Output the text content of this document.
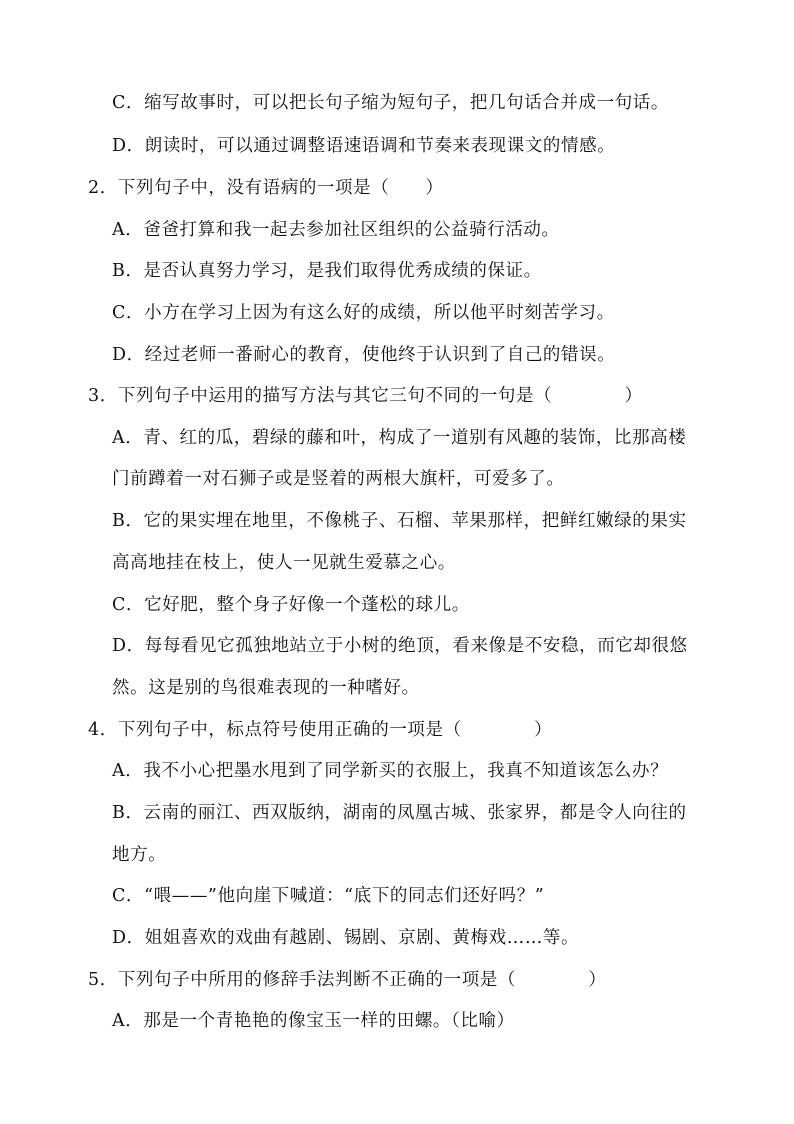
C．缩写故事时，可以把长句子缩为短句子，把几句话合并成一句话。
D．朗读时，可以通过调整语速语调和节奏来表现课文的情感。
2．下列句子中，没有语病的一项是（　　）
A．爸爸打算和我一起去参加社区组织的公益骑行活动。
B．是否认真努力学习，是我们取得优秀成绩的保证。
C．小方在学习上因为有这么好的成绩，所以他平时刻苦学习。
D．经过老师一番耐心的教育，使他终于认识到了自己的错误。
3．下列句子中运用的描写方法与其它三句不同的一句是（　　　　）
A．青、红的瓜，碧绿的藤和叶，构成了一道别有风趣的装饰，比那高楼
门前蹲着一对石狮子或是竖着的两根大旗杆，可爱多了。
B．它的果实埋在地里，不像桃子、石榴、苹果那样，把鲜红嫩绿的果实
高高地挂在枝上，使人一见就生爱慕之心。
C．它好肥，整个身子好像一个蓬松的球儿。
D．每每看见它孤独地站立于小树的绝顶，看来像是不安稳，而它却很悠
然。这是别的鸟很难表现的一种嗜好。
4．下列句子中，标点符号使用正确的一项是（　　　　）
A．我不小心把墨水甩到了同学新买的衣服上，我真不知道该怎么办？
B．云南的丽江、西双版纳，湖南的凤凰古城、张家界，都是令人向往的
地方。
C．“喂——”他向崖下喊道：“底下的同志们还好吗？”
D．姐姐喜欢的戏曲有越剧、锡剧、京剧、黄梅戏……等。
5．下列句子中所用的修辞手法判断不正确的一项是（　　　　）
A．那是一个青艳艳的像宝玉一样的田螺。（比喻）
